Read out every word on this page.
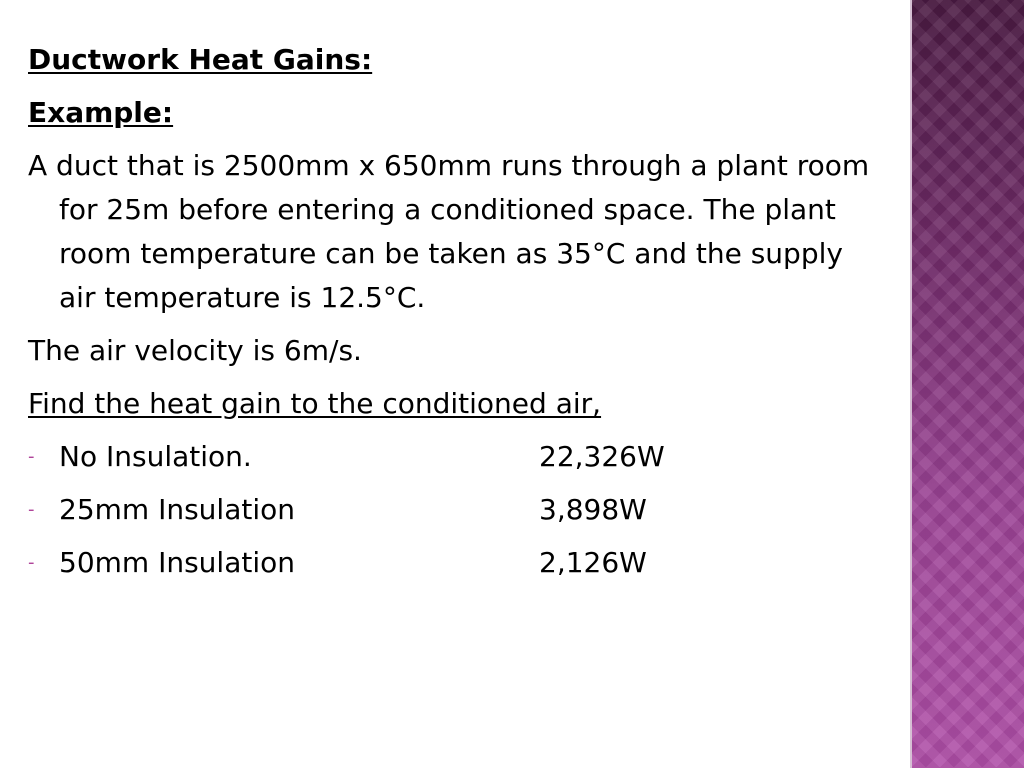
Ductwork Heat Gains:
Example:
A duct that is 2500mm x 650mm runs through a plant room for 25m before entering a conditioned space. The plant room temperature can be taken as 35°C and the supply air temperature is 12.5°C.
The air velocity is 6m/s.
Find the heat gain to the conditioned air,
- No Insulation.	22,326W
- 25mm Insulation	3,898W
- 50mm Insulation	2,126W
